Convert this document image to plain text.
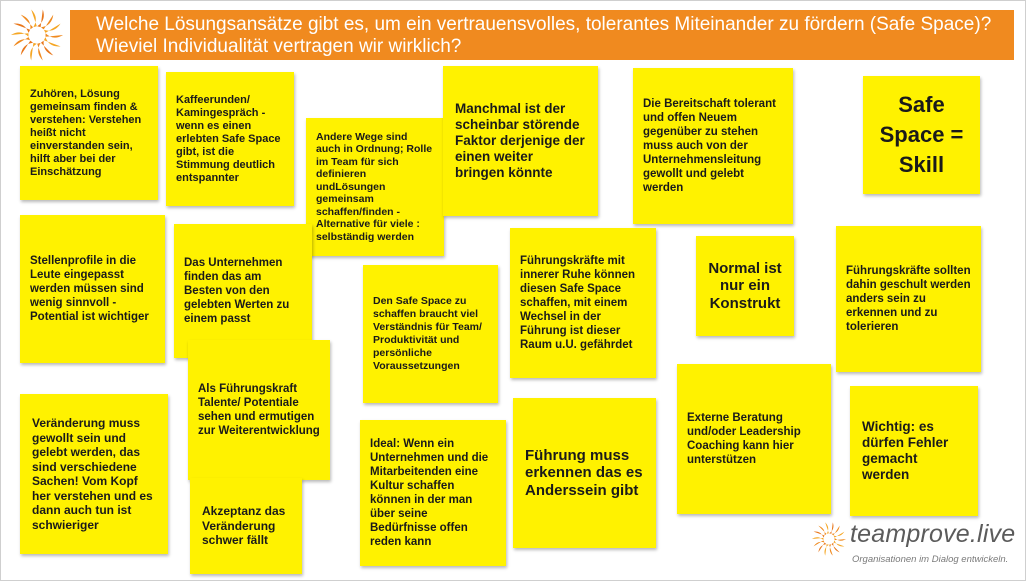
Welche Lösungsansätze gibt es, um ein vertrauensvolles, tolerantes Miteinander zu fördern (Safe Space)?
Wieviel Individualität vertragen wir wirklich?
Zuhören, Lösung gemeinsam finden & verstehen: Verstehen heißt nicht einverstanden sein, hilft aber bei der Einschätzung
Kaffeerunden/ Kamingespräch - wenn es einen erlebten Safe Space gibt, ist die Stimmung deutlich entspannter
Andere Wege sind auch in Ordnung; Rolle im Team für sich definieren undLösungen gemeinsam schaffen/finden - Alternative für viele : selbständig werden
Manchmal ist der scheinbar störende Faktor derjenige der einen weiter bringen könnte
Die Bereitschaft tolerant und offen Neuem gegenüber zu stehen muss auch von der Unternehmensleitung gewollt und gelebt werden
Safe Space = Skill
Stellenprofile in die Leute eingepasst werden müssen sind wenig sinnvoll - Potential ist wichtiger
Das Unternehmen finden das am Besten von den gelebten Werten zu einem passt
Den Safe Space zu schaffen braucht viel Verständnis für Team/ Produktivität und persönliche Voraussetzungen
Führungskräfte mit innerer Ruhe können diesen Safe Space schaffen, mit einem Wechsel in der Führung ist dieser Raum u.U. gefährdet
Normal ist nur ein Konstrukt
Führungskräfte sollten dahin geschult werden anders sein zu erkennen und zu tolerieren
Als Führungskraft Talente/ Potentiale sehen und ermutigen zur Weiterentwicklung
Veränderung muss gewollt sein und gelebt werden, das sind verschiedene Sachen! Vom Kopf her verstehen und es dann auch tun ist schwieriger
Ideal: Wenn ein Unternehmen und die Mitarbeitenden eine Kultur schaffen können in der man über seine Bedürfnisse offen reden kann
Führung muss erkennen das es Anderssein gibt
Externe Beratung und/oder Leadership Coaching kann hier unterstützen
Wichtig: es dürfen Fehler gemacht werden
Akzeptanz das Veränderung schwer fällt	teamprove.live
Organisationen im Dialog entwickeln.
